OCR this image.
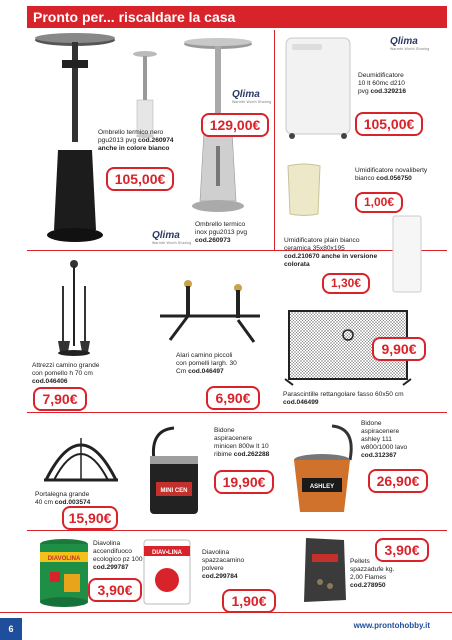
Pronto per... riscaldare la casa
Ombrello termico nero
pgu2013 pvg cod.260974
anche in colore bianco
105,00€
Qlima
Warmth Worth Sharing
Qlima
Warmth Worth Sharing
129,00€
Ombrello termico
inox pgu2013 pvg
cod.260973
Qlima
Warmth Worth Sharing
Deumidificatore
10 lt 60mc d210
pvg cod.329216
105,00€
Umidificatore novaliberty
bianco cod.056750
1,00€
Umidificatore plain bianco
ceramica 35x80x195
cod.210670 anche in versione colorata
1,30€
Attrezzi camino grande
con pomello h 70 cm
cod.046406
7,90€
Alari camino piccoli
con pomelli largh. 30
Cm cod.046497
6,90€
9,90€
Parascintille rettangolare fasso 60x50 cm
cod.046499
Portalegna grande
40 cm cod.003574
15,90€
MINI CEN
Bidone
aspiracenere
minicen 800w lt 10
ribime cod.262288
19,90€	ASHLEY
Bidone
aspiracenere
ashley 111
w800/1000 lavo
cod.312367
26,90€
DIAVOLINA
Diavolina
accendifuoco
ecologico pz 100
cod.299787
3,90€
DIAV•LINA	Diavolina
spazzacamino
polvere
cod.299784
1,90€
3,90€
Pellets
spazzadufe kg.
2,00 Flames
cod.278950
6	www.prontohobby.it
